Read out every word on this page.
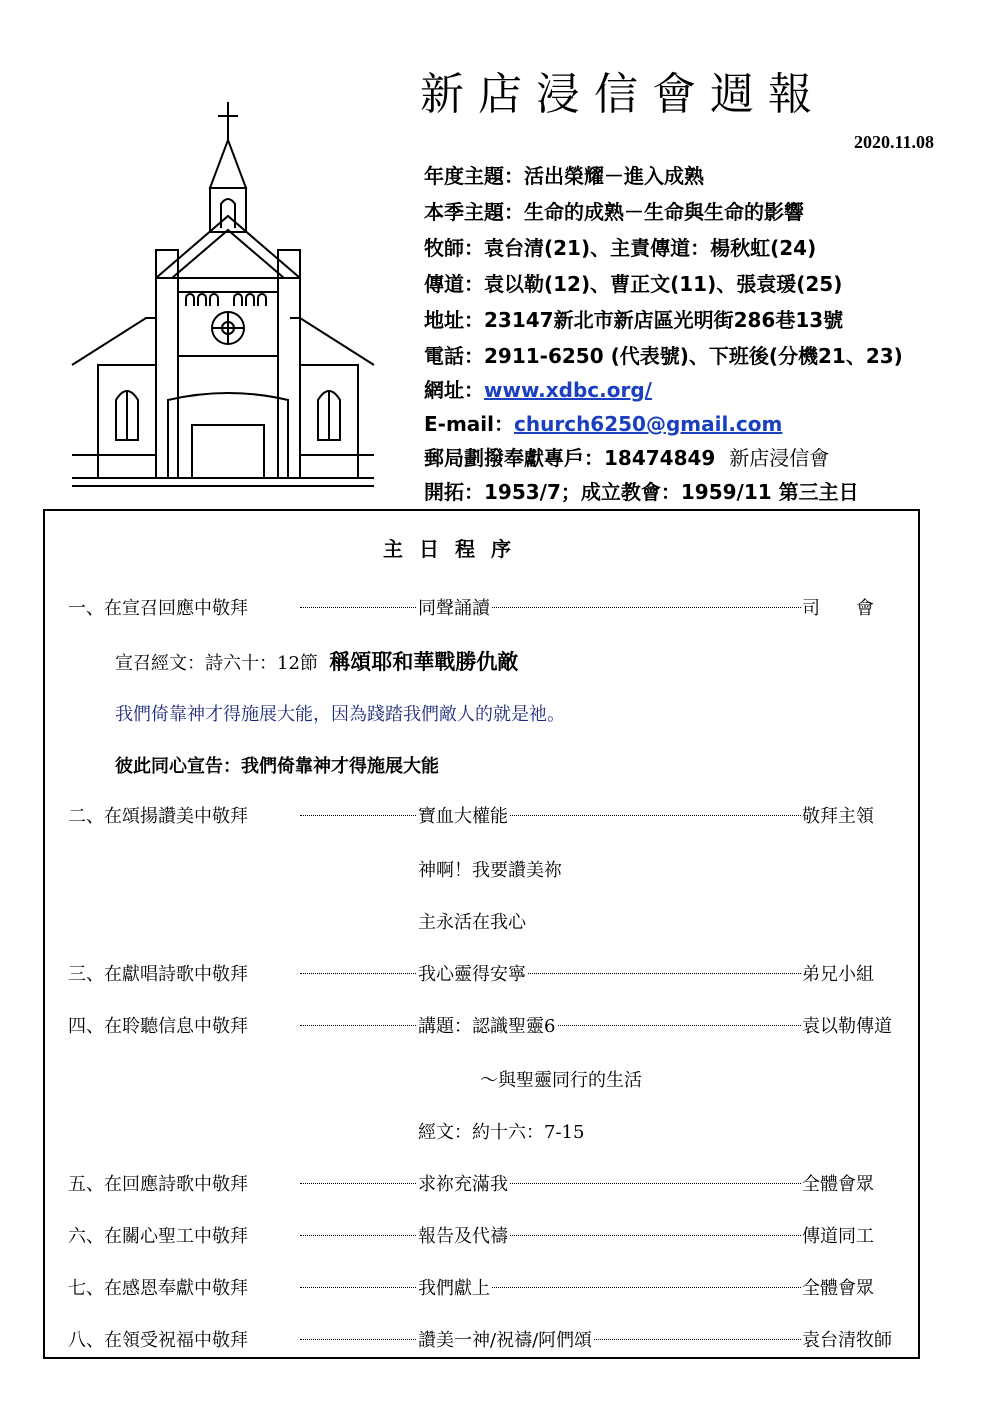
新店浸信會週報
2020.11.08
年度主題：活出榮耀－進入成熟
本季主題：生命的成熟－生命與生命的影響
牧師：袁台清(21)、主責傳道：楊秋虹(24)
傳道：袁以勒(12)、曹正文(11)、張袁瑗(25)
地址：23147新北市新店區光明街286巷13號
電話：2911-6250 (代表號)、下班後(分機21、23)
網址：www.xdbc.org/
E-mail：church6250@gmail.com
郵局劃撥奉獻專戶：18474849 新店浸信會
開拓：1953/7；成立教會：1959/11 第三主日
主日程序
一、在宣召回應中敬拜	同聲誦讀	司　　會
宣召經文：詩六十：12節 稱頌耶和華戰勝仇敵
我們倚靠神才得施展大能，因為踐踏我們敵人的就是祂。
彼此同心宣告：我們倚靠神才得施展大能
二、在頌揚讚美中敬拜	寶血大權能	敬拜主領
神啊！我要讚美祢
主永活在我心
三、在獻唱詩歌中敬拜	我心靈得安寧	弟兄小組
四、在聆聽信息中敬拜	講題：認識聖靈6	袁以勒傳道
～與聖靈同行的生活
經文：約十六：7-15
五、在回應詩歌中敬拜	求祢充滿我	全體會眾
六、在關心聖工中敬拜	報告及代禱	傳道同工
七、在感恩奉獻中敬拜	我們獻上	全體會眾
八、在領受祝福中敬拜	讚美一神/祝禱/阿們頌	袁台清牧師
